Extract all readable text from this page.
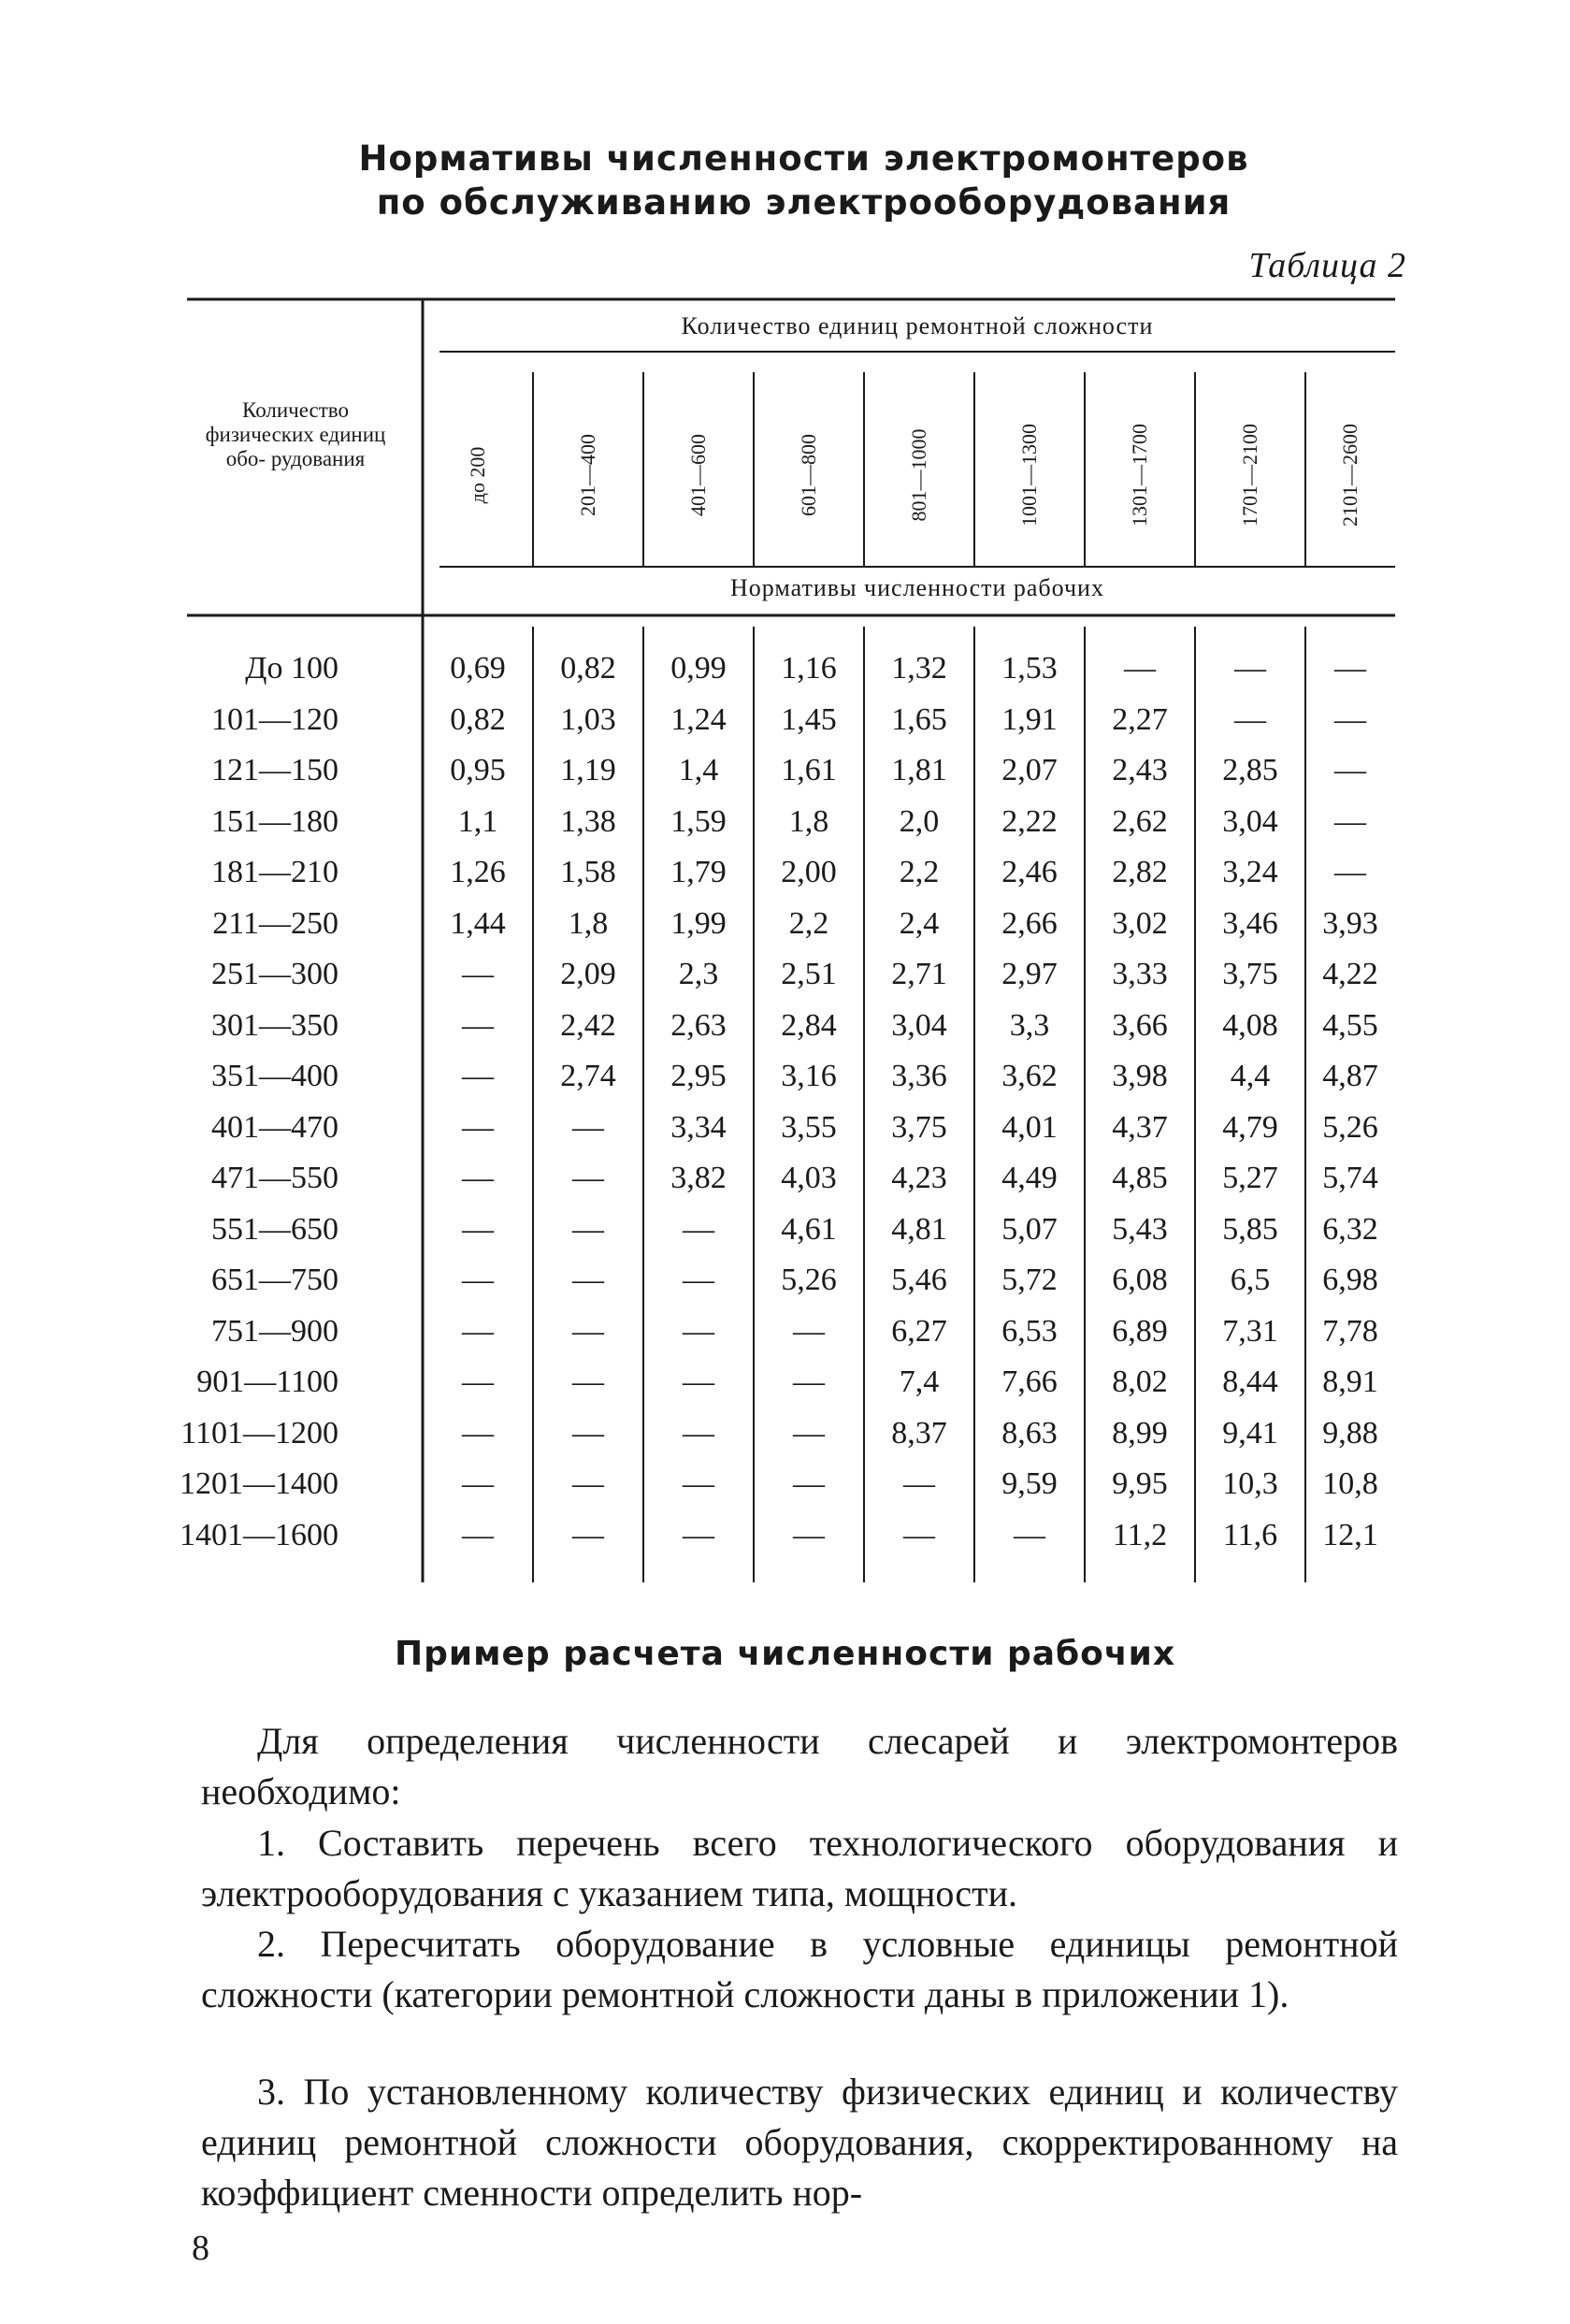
Нормативы численности электромонтеров
по обслуживанию электрооборудования
Таблица 2
Количество физических единиц обо- рудования
Количество единиц ремонтной сложности
Нормативы численности рабочих
До 100	0,69	0,82	0,99	1,16	1,32	1,53	—	—	—
101—120	0,82	1,03	1,24	1,45	1,65	1,91	2,27	—	—
121—150	0,95	1,19	1,4	1,61	1,81	2,07	2,43	2,85	—
151—180	1,1	1,38	1,59	1,8	2,0	2,22	2,62	3,04	—
181—210	1,26	1,58	1,79	2,00	2,2	2,46	2,82	3,24	—
211—250	1,44	1,8	1,99	2,2	2,4	2,66	3,02	3,46	3,93
251—300	—	2,09	2,3	2,51	2,71	2,97	3,33	3,75	4,22
301—350	—	2,42	2,63	2,84	3,04	3,3	3,66	4,08	4,55
351—400	—	2,74	2,95	3,16	3,36	3,62	3,98	4,4	4,87
401—470	—	—	3,34	3,55	3,75	4,01	4,37	4,79	5,26
471—550	—	—	3,82	4,03	4,23	4,49	4,85	5,27	5,74
551—650	—	—	—	4,61	4,81	5,07	5,43	5,85	6,32
651—750	—	—	—	5,26	5,46	5,72	6,08	6,5	6,98
751—900	—	—	—	—	6,27	6,53	6,89	7,31	7,78
901—1100	—	—	—	—	7,4	7,66	8,02	8,44	8,91
1101—1200	—	—	—	—	8,37	8,63	8,99	9,41	9,88
1201—1400	—	—	—	—	—	9,59	9,95	10,3	10,8
1401—1600	—	—	—	—	—	—	11,2	11,6	12,1
до 200	201—400	401—600	601—800	801—1000	1001—1300	1301—1700	1701—2100	2101—2600
Пример расчета численности рабочих
Для определения численности слесарей и электромонтеров необходимо:
1. Составить перечень всего технологического оборудования и электрооборудования с указанием типа, мощности.
2. Пересчитать оборудование в условные единицы ремонтной сложности (категории ремонтной сложности даны в приложении 1).
3. По установленному количеству физических единиц и количеству единиц ремонтной сложности оборудования, скорректированному на коэффициент сменности определить нор-
8
